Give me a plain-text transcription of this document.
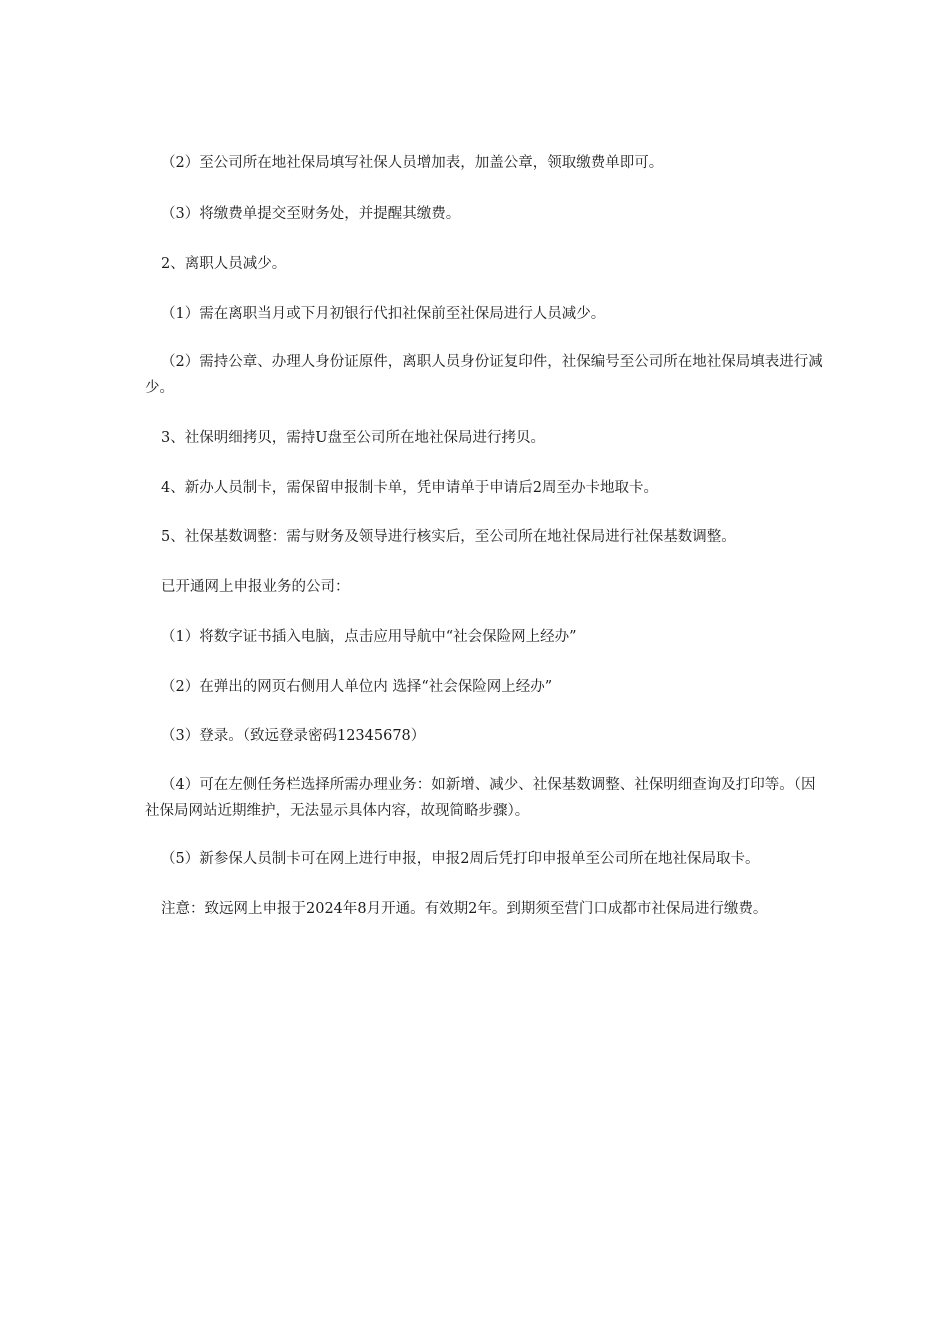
（2）至公司所在地社保局填写社保人员增加表，加盖公章，领取缴费单即可。

（3）将缴费单提交至财务处，并提醒其缴费。

2、离职人员减少。

（1）需在离职当月或下月初银行代扣社保前至社保局进行人员减少。

（2）需持公章、办理人身份证原件，离职人员身份证复印件，社保编号至公司所在地社保局填表进行减少。

3、社保明细拷贝，需持U盘至公司所在地社保局进行拷贝。

4、新办人员制卡，需保留申报制卡单，凭申请单于申请后2周至办卡地取卡。

5、社保基数调整：需与财务及领导进行核实后，至公司所在地社保局进行社保基数调整。

已开通网上申报业务的公司：

（1）将数字证书插入电脑，点击应用导航中“社会保险网上经办”

（2）在弹出的网页右侧用人单位内 选择“社会保险网上经办”

（3）登录。（致远登录密码12345678）

（4）可在左侧任务栏选择所需办理业务：如新增、减少、社保基数调整、社保明细查询及打印等。（因社保局网站近期维护，无法显示具体内容，故现简略步骤）。

（5）新参保人员制卡可在网上进行申报，申报2周后凭打印申报单至公司所在地社保局取卡。

注意：致远网上申报于2024年8月开通。有效期2年。到期须至营门口成都市社保局进行缴费。
